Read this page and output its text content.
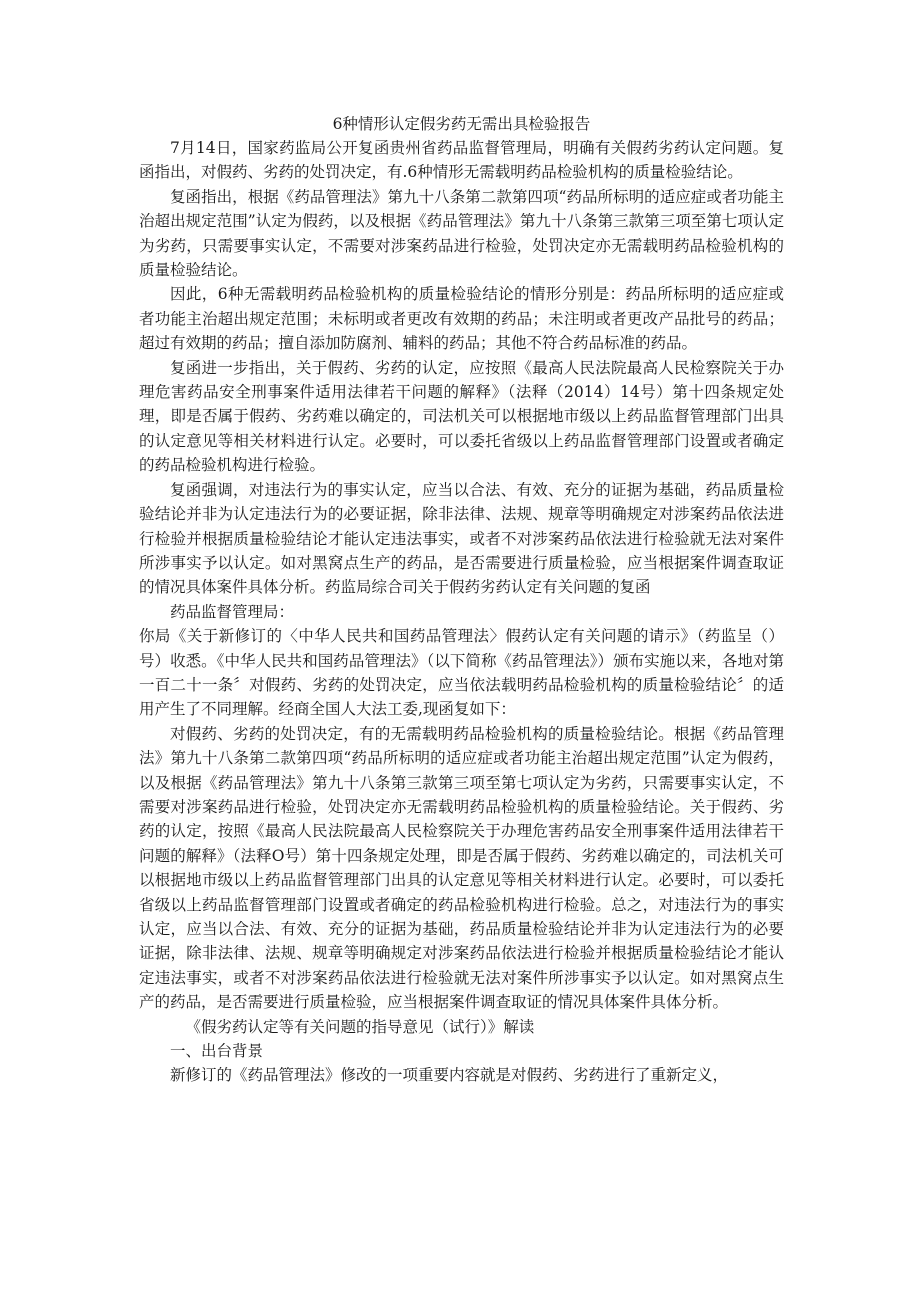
6种情形认定假劣药无需出具检验报告

7月14日，国家药监局公开复函贵州省药品监督管理局，明确有关假药劣药认定问题。复函指出，对假药、劣药的处罚决定，有.6种情形无需载明药品检验机构的质量检验结论。

复函指出，根据《药品管理法》第九十八条第二款第四项“药品所标明的适应症或者功能主治超出规定范围”认定为假药，以及根据《药品管理法》第九十八条第三款第三项至第七项认定为劣药，只需要事实认定，不需要对涉案药品进行检验，处罚决定亦无需载明药品检验机构的质量检验结论。

因此，6种无需载明药品检验机构的质量检验结论的情形分别是：药品所标明的适应症或者功能主治超出规定范围；未标明或者更改有效期的药品；未注明或者更改产品批号的药品；超过有效期的药品；擅自添加防腐剂、辅料的药品；其他不符合药品标准的药品。

复函进一步指出，关于假药、劣药的认定，应按照《最高人民法院最高人民检察院关于办理危害药品安全刑事案件适用法律若干问题的解释》（法释（2014）14号）第十四条规定处理，即是否属于假药、劣药难以确定的，司法机关可以根据地市级以上药品监督管理部门出具的认定意见等相关材料进行认定。必要时，可以委托省级以上药品监督管理部门设置或者确定的药品检验机构进行检验。

复函强调，对违法行为的事实认定，应当以合法、有效、充分的证据为基础，药品质量检验结论并非为认定违法行为的必要证据，除非法律、法规、规章等明确规定对涉案药品依法进行检验并根据质量检验结论才能认定违法事实，或者不对涉案药品依法进行检验就无法对案件所涉事实予以认定。如对黑窝点生产的药品，是否需要进行质量检验，应当根据案件调查取证的情况具体案件具体分析。药监局综合司关于假药劣药认定有关问题的复函

药品监督管理局：

你局《关于新修订的〈中华人民共和国药品管理法〉假药认定有关问题的请示》（药监呈（）号）收悉。《中华人民共和国药品管理法》（以下简称《药品管理法》）颁布实施以来，各地对第一百二十一条〞对假药、劣药的处罚决定，应当依法载明药品检验机构的质量检验结论〞的适用产生了不同理解。经商全国人大法工委,现函复如下：

对假药、劣药的处罚决定，有的无需载明药品检验机构的质量检验结论。根据《药品管理法》第九十八条第二款第四项“药品所标明的适应症或者功能主治超出规定范围”认定为假药，以及根据《药品管理法》第九十八条第三款第三项至第七项认定为劣药，只需要事实认定，不需要对涉案药品进行检验，处罚决定亦无需载明药品检验机构的质量检验结论。关于假药、劣药的认定，按照《最高人民法院最高人民检察院关于办理危害药品安全刑事案件适用法律若干问题的解释》（法释O号）第十四条规定处理，即是否属于假药、劣药难以确定的，司法机关可以根据地市级以上药品监督管理部门出具的认定意见等相关材料进行认定。必要时，可以委托省级以上药品监督管理部门设置或者确定的药品检验机构进行检验。总之，对违法行为的事实认定，应当以合法、有效、充分的证据为基础，药品质量检验结论并非为认定违法行为的必要证据，除非法律、法规、规章等明确规定对涉案药品依法进行检验并根据质量检验结论才能认定违法事实，或者不对涉案药品依法进行检验就无法对案件所涉事实予以认定。如对黑窝点生产的药品，是否需要进行质量检验，应当根据案件调查取证的情况具体案件具体分析。

《假劣药认定等有关问题的指导意见（试行）》解读

一、出台背景

新修订的《药品管理法》修改的一项重要内容就是对假药、劣药进行了重新定义，
